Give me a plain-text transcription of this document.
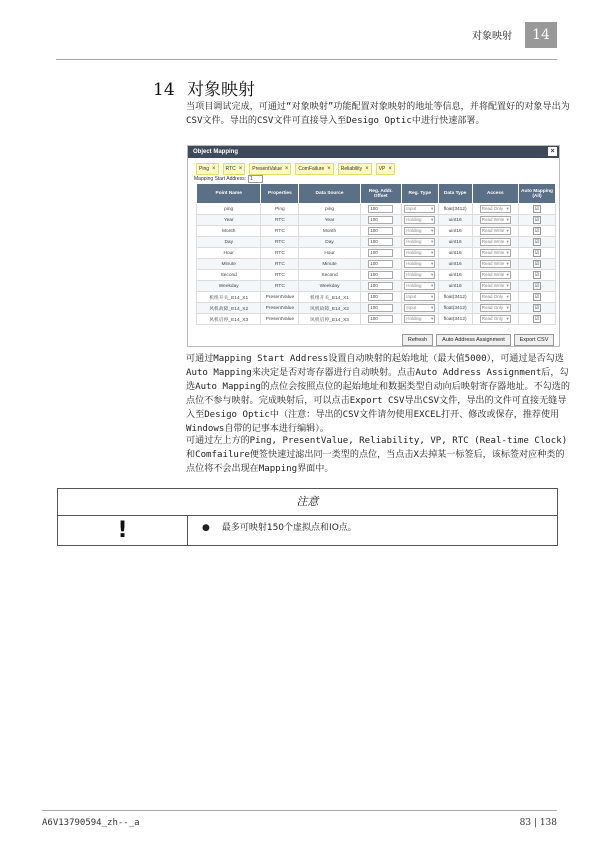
对象映射	14
14 对象映射
当项目调试完成，可通过“对象映射”功能配置对象映射的地址等信息，并将配置好的对象导出为CSV文件。导出的CSV文件可直接导入至Desigo Optic中进行快速部署。
Object Mapping	×
Ping × RTC × PresentValue × ComFailure × Reliability × VP ×
Mapping Start Address: 1
Point Name	Properties	Data Source	Reg. Addr. Offset	Reg. Type	Data Type	Access	Auto Mapping (All)
ping	Ping	ping	100	Input ▾	float(3412)	Read Only ▾	☑
Year	RTC	Year	100	Holding ▾	uint16	Read Write ▾	☑
Month	RTC	Month	100	Holding ▾	uint16	Read Write ▾	☑
Day	RTC	Day	100	Holding ▾	uint16	Read Write ▾	☑
Hour	RTC	Hour	100	Holding ▾	uint16	Read Write ▾	☑
Minute	RTC	Minute	100	Holding ▾	uint16	Read Write ▾	☑
Second	RTC	Second	100	Holding ▾	uint16	Read Write ▾	☑
Weekday	RTC	Weekday	100	Holding ▾	uint16	Read Write ▾	☑
机组开关_E14_X1	PresentValue	机组开关_E14_X1	100	Input ▾	float(3412)	Read Only ▾	☑
风机故障_E14_X2	PresentValue	风机故障_E14_X2	100	Input ▾	float(3412)	Read Only ▾	☑
风机启停_E14_X3	PresentValue	风机启停_E14_X3	100	Holding ▾	float(3412)	Read Only ▾	☑
Refresh	Auto Address Assignment	Export CSV
可通过Mapping Start Address设置自动映射的起始地址（最大值5000），可通过是否勾选Auto Mapping来决定是否对寄存器进行自动映射。点击Auto Address Assignment后，勾选Auto Mapping的点位会按照点位的起始地址和数据类型自动向后映射寄存器地址。不勾选的点位不参与映射。完成映射后，可以点击Export CSV导出CSV文件，导出的文件可直接无缝导入至Desigo Optic中（注意：导出的CSV文件请勿使用EXCEL打开、修改或保存，推荐使用Windows自带的记事本进行编辑）。
可通过左上方的Ping, PresentValue, Reliability, VP, RTC (Real-time Clock)和Comfailure便签快速过滤出同一类型的点位，当点击X去掉某一标签后，该标签对应种类的点位将不会出现在Mapping界面中。
注意
!	● 最多可映射150个虚拟点和IO点。
A6V13790594_zh--_a	83 | 138
